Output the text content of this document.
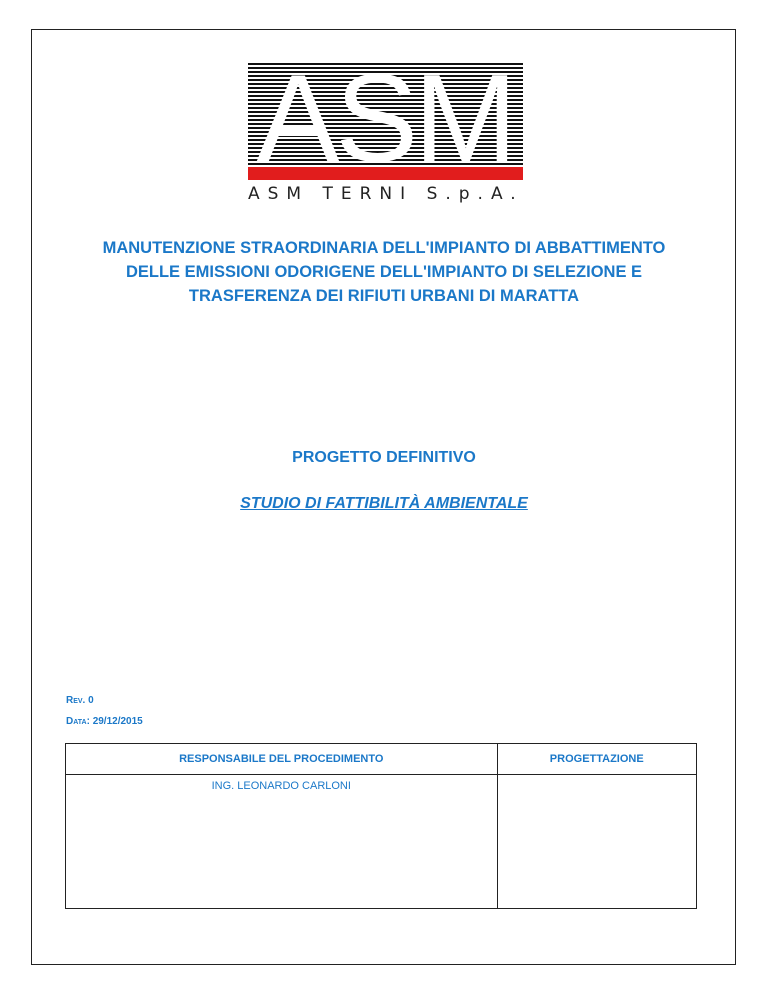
ASM
ASM TERNI S.p.A.
MANUTENZIONE STRAORDINARIA DELL'IMPIANTO DI ABBATTIMENTO
DELLE EMISSIONI ODORIGENE DELL'IMPIANTO DI SELEZIONE E
TRASFERENZA DEI RIFIUTI URBANI DI MARATTA
PROGETTO DEFINITIVO
STUDIO DI FATTIBILITÀ AMBIENTALE
Rev. 0
Data: 29/12/2015
RESPONSABILE DEL PROCEDIMENTO	PROGETTAZIONE
ING. LEONARDO CARLONI	
